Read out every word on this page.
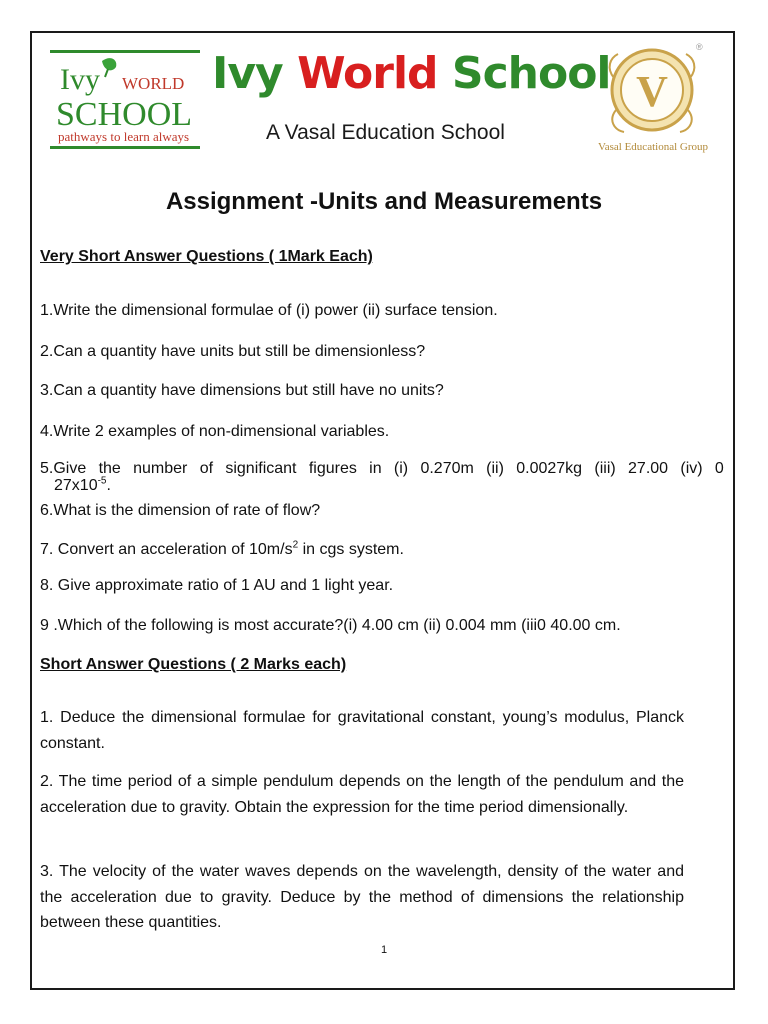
Ivy WORLD
SCHOOL
pathways to learn always
Ivy World School
A Vasal Education School
®
V
Vasal Educational Group
Assignment -Units and Measurements
Very Short Answer Questions ( 1Mark Each)
1.Write the dimensional formulae of (i) power (ii) surface tension.
2.Can a quantity have units but still be dimensionless?
3.Can a quantity have dimensions but still have no units?
4.Write 2 examples of non-dimensional variables.
5.Give the number of significant figures in (i) 0.270m (ii) 0.0027kg (iii) 27.00 (iv) 0
$27x10^{-5}$.
6.What is the dimension of rate of flow?
7. Convert an acceleration of $10m/s^2$ in cgs system.
8. Give approximate ratio of 1 AU and 1 light year.
9 .Which of the following is most accurate?(i) 4.00 cm (ii) 0.004 mm (iii0 40.00 cm.
Short Answer Questions ( 2 Marks each)
1. Deduce the dimensional formulae for gravitational constant, young’s modulus, Planck constant.
2. The time period of a simple pendulum depends on the length of the pendulum and the acceleration due to gravity. Obtain the expression for the time period dimensionally.
3. The velocity of the water waves depends on the wavelength, density of the water and the acceleration due to gravity. Deduce by the method of dimensions the relationship between these quantities.
1
